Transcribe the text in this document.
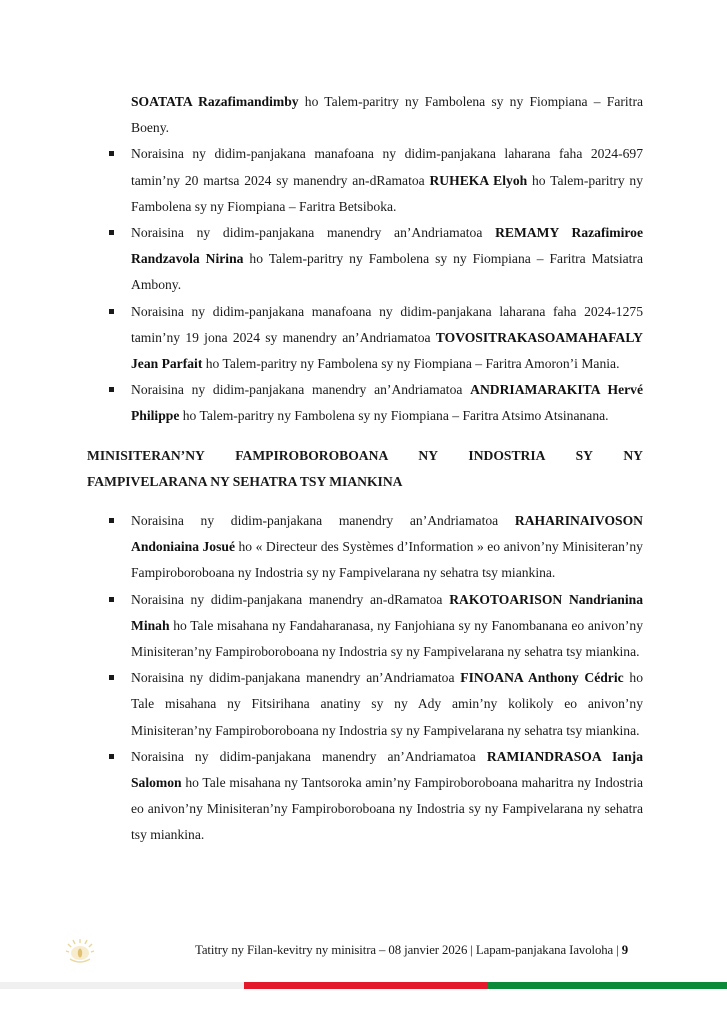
SOATATA Razafimandimby ho Talem-paritry ny Fambolena sy ny Fiompiana – Faritra Boeny.

Noraisina ny didim-panjakana manafoana ny didim-panjakana laharana faha 2024-697 tamin’ny 20 martsa 2024 sy manendry an-dRamatoa RUHEKA Elyoh ho Talem-paritry ny Fambolena sy ny Fiompiana – Faritra Betsiboka.
Noraisina ny didim-panjakana manendry an’Andriamatoa REMAMY Razafimiroe Randzavola Nirina ho Talem-paritry ny Fambolena sy ny Fiompiana – Faritra Matsiatra Ambony.
Noraisina ny didim-panjakana manafoana ny didim-panjakana laharana faha 2024-1275 tamin’ny 19 jona 2024 sy manendry an’Andriamatoa TOVOSITRAKASOAMAHAFALY Jean Parfait ho Talem-paritry ny Fambolena sy ny Fiompiana – Faritra Amoron’i Mania.
Noraisina ny didim-panjakana manendry an’Andriamatoa ANDRIAMARAKITA Hervé Philippe ho Talem-paritry ny Fambolena sy ny Fiompiana – Faritra Atsimo Atsinanana.
MINISITERAN’NY FAMPIROBOROBOANA NY INDOSTRIA SY NY
FAMPIVELARANA NY SEHATRA TSY MIANKINA
Noraisina ny didim-panjakana manendry an’Andriamatoa RAHARINAIVOSON Andoniaina Josué ho « Directeur des Systèmes d’Information » eo anivon’ny Minisiteran’ny Fampiroboroboana ny Indostria sy ny Fampivelarana ny sehatra tsy miankina.
Noraisina ny didim-panjakana manendry an-dRamatoa RAKOTOARISON Nandrianina Minah ho Tale misahana ny Fandaharanasa, ny Fanjohiana sy ny Fanombanana eo anivon’ny Minisiteran’ny Fampiroboroboana ny Indostria sy ny Fampivelarana ny sehatra tsy miankina.
Noraisina ny didim-panjakana manendry an’Andriamatoa FINOANA Anthony Cédric ho Tale misahana ny Fitsirihana anatiny sy ny Ady amin’ny kolikoly eo anivon’ny Minisiteran’ny Fampiroboroboana ny Indostria sy ny Fampivelarana ny sehatra tsy miankina.
Noraisina ny didim-panjakana manendry an’Andriamatoa RAMIANDRASOA Ianja Salomon ho Tale misahana ny Tantsoroka amin’ny Fampiroboroboana maharitra ny Indostria eo anivon’ny Minisiteran’ny Fampiroboroboana ny Indostria sy ny Fampivelarana ny sehatra tsy miankina.
Tatitry ny Filan-kevitry ny minisitra – 08 janvier 2026 | Lapam-panjakana Iavoloha | 9
